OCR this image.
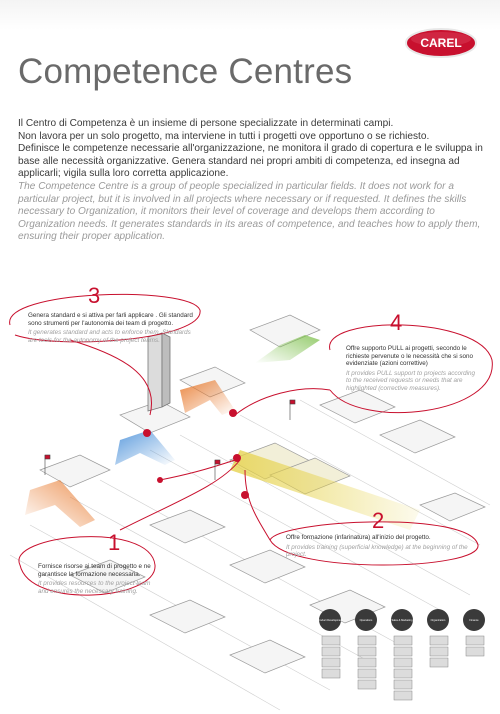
CAREL
Competence Centres

Il Centro di Competenza è un insieme di persone specializzate in determinati campi.

Non lavora per un solo progetto, ma interviene in tutti i progetti ove opportuno o se richiesto.

Definisce le competenze necessarie all'organizzazione, ne monitora il grado di copertura e le sviluppa in base alle necessità organizzative. Genera standard nei propri ambiti di competenza, ed insegna ad applicarli; vigila sulla loro corretta applicazione.

The Competence Centre is a group of people specialized in particular fields. It does not work for a particular project, but it is involved in all projects where necessary or if requested. It defines the skills necessary to Organization, it monitors their level of coverage and develops them according to Organization needs. It generates standards in its areas of competence, and teaches how to apply them, ensuring their proper application.

3
Genera standard e si attiva per farli applicare . Gli standard sono strumenti per l'autonomia dei team di progetto.
It generates standard and acts to enforce them. Standards are tools for the autonomy of the project teams.
4
Offre supporto PULL ai progetti, secondo le richieste pervenute o le necessità che si sono evidenziate (azioni correttive)
It provides PULL support to projects according to the received requests or needs that are highlighted (corrective measures).
1
Fornisce risorse ai team di progetto e ne garantisce la formazione necessaria.
It provides resources to the project team and ensures the necessary training.
2
Offre formazione (infarinatura) all'inizio del progetto.
It provides training (superficial knowledge) at the beginning of the project.
Product Development	Operations	Sales & Marketing	Organization	Finance
